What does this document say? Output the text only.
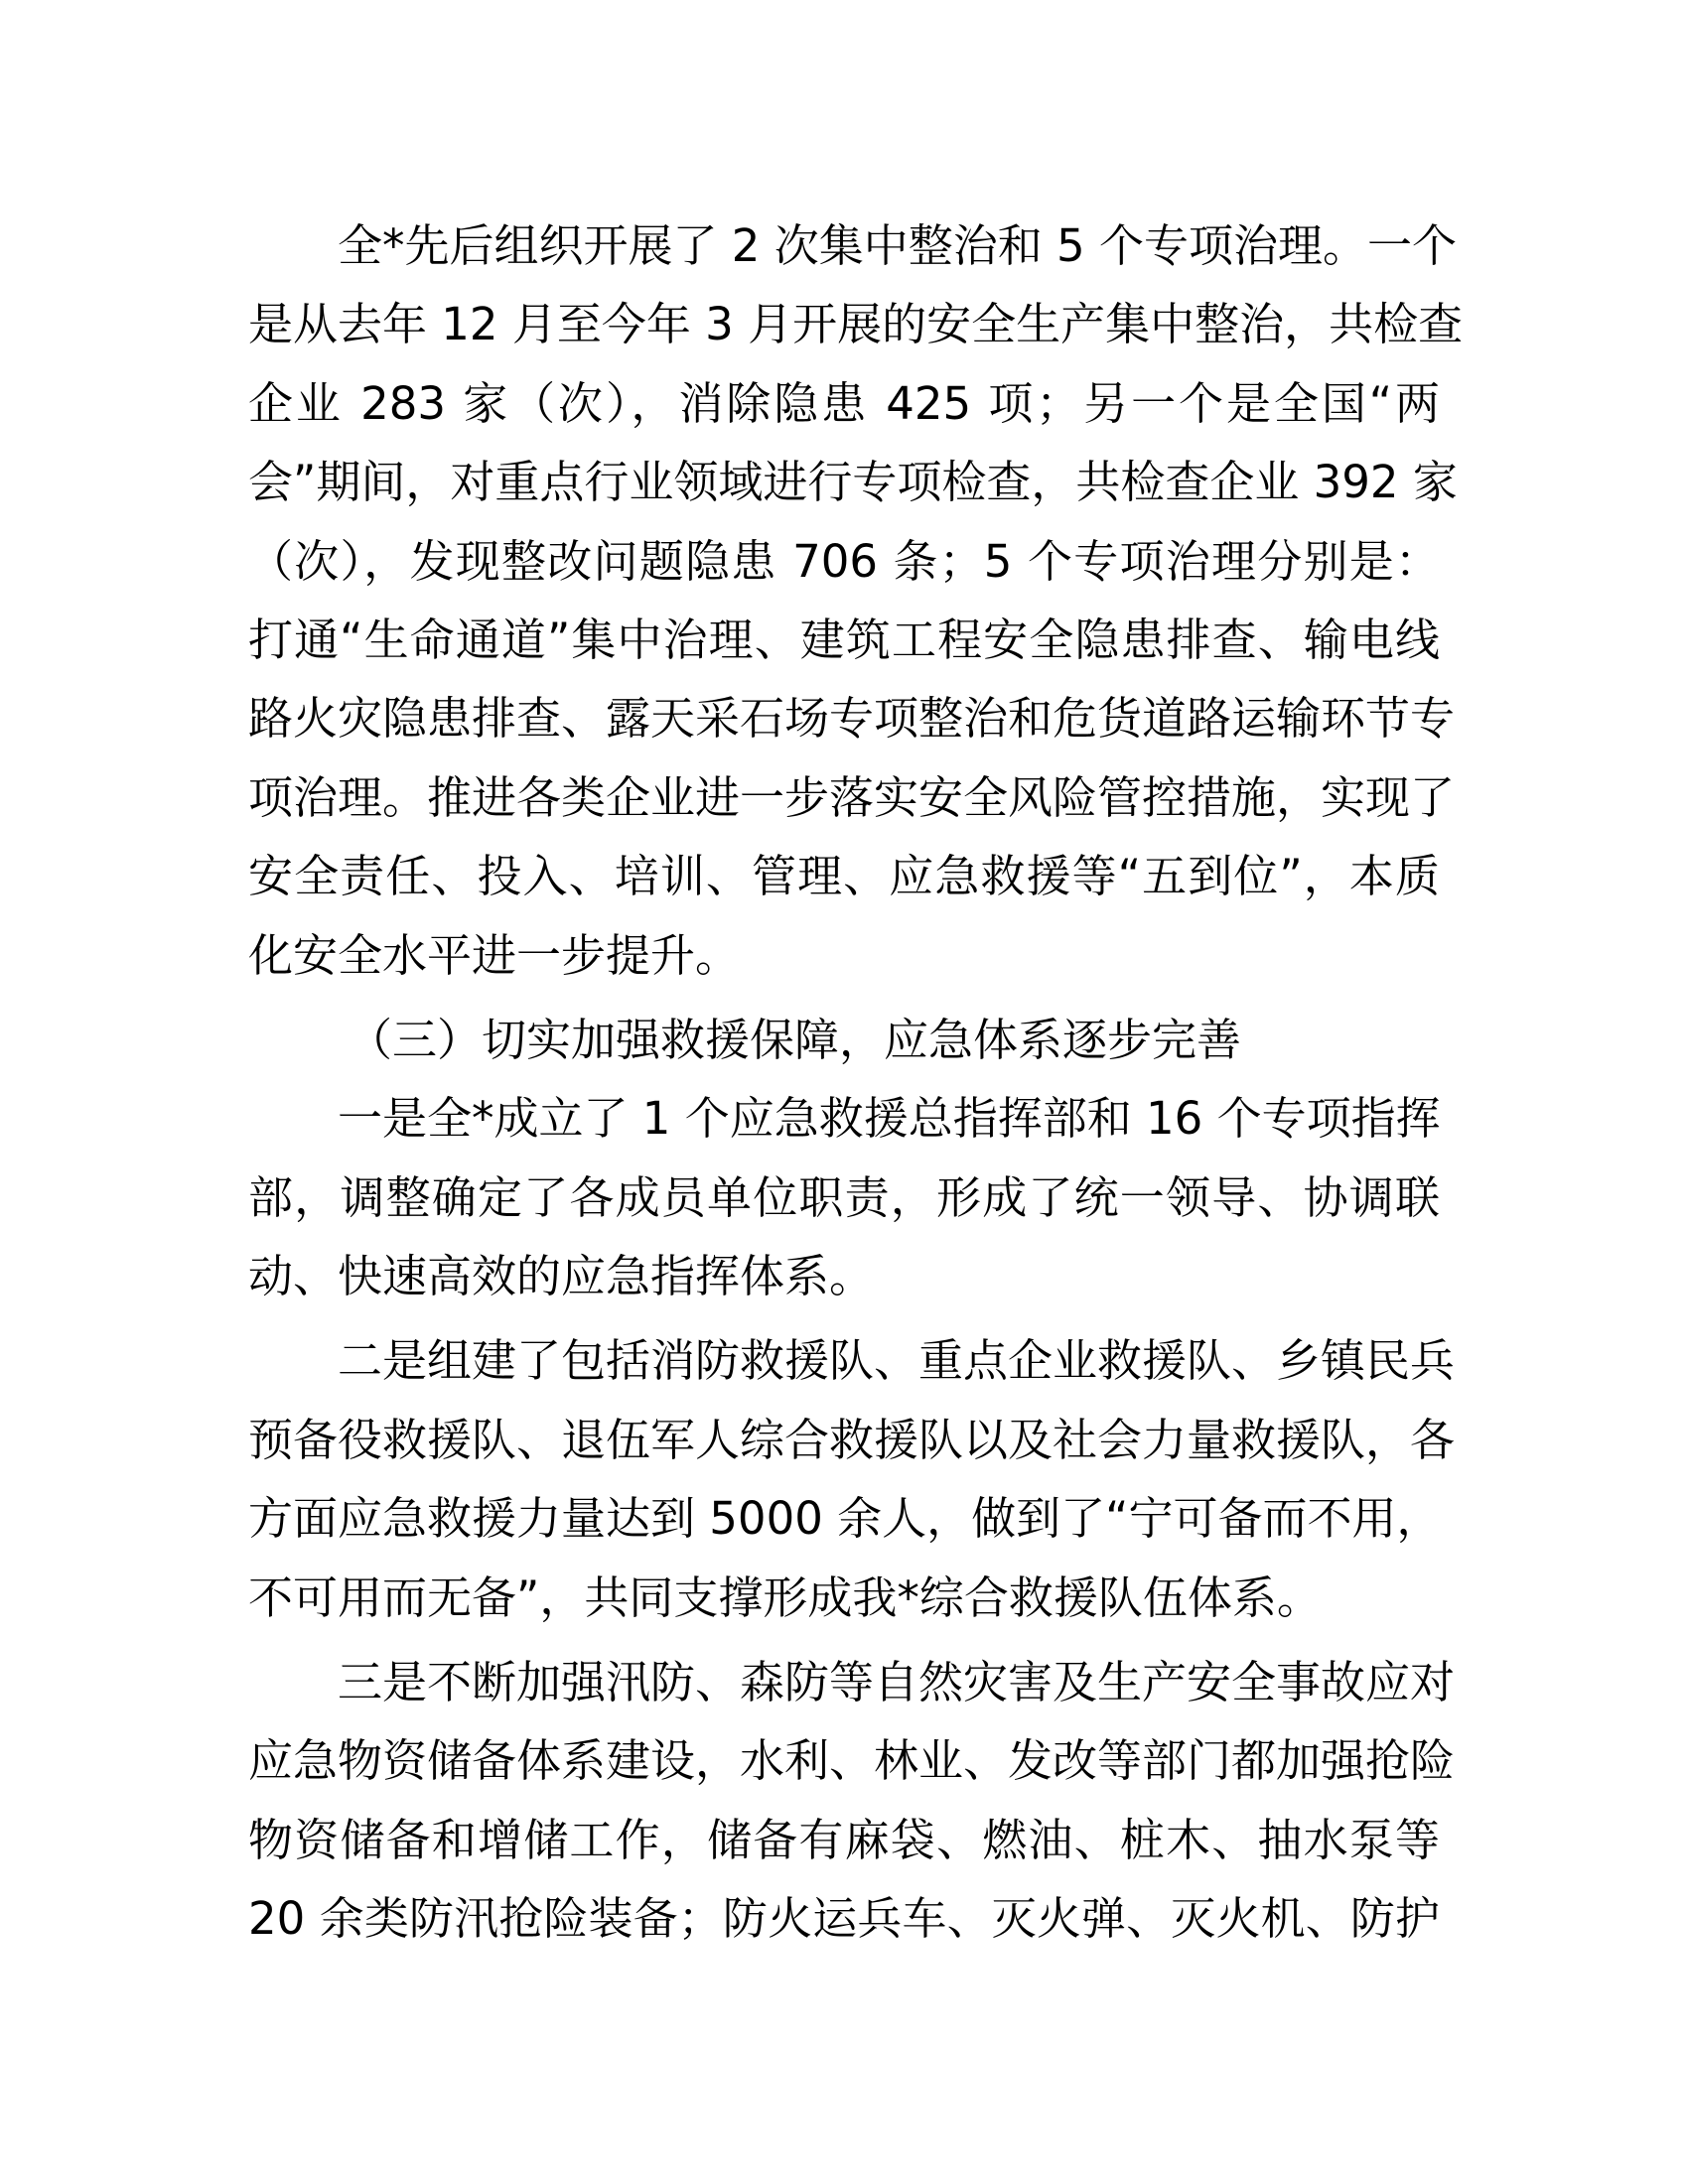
全*先后组织开展了 2 次集中整治和 5 个专项治理。一个

是从去年 12 月至今年 3 月开展的安全生产集中整治，共检查

企业 283 家（次），消除隐患 425 项；另一个是全国“两

会”期间，对重点行业领域进行专项检查，共检查企业 392 家

（次），发现整改问题隐患 706 条；5 个专项治理分别是：

打通“生命通道”集中治理、建筑工程安全隐患排查、输电线

路火灾隐患排查、露天采石场专项整治和危货道路运输环节专

项治理。推进各类企业进一步落实安全风险管控措施，实现了

安全责任、投入、培训、管理、应急救援等“五到位”，本质

化安全水平进一步提升。

（三）切实加强救援保障，应急体系逐步完善

一是全*成立了 1 个应急救援总指挥部和 16 个专项指挥

部，调整确定了各成员单位职责，形成了统一领导、协调联

动、快速高效的应急指挥体系。

二是组建了包括消防救援队、重点企业救援队、乡镇民兵

预备役救援队、退伍军人综合救援队以及社会力量救援队，各

方面应急救援力量达到 5000 余人，做到了“宁可备而不用，

不可用而无备”，共同支撑形成我*综合救援队伍体系。

三是不断加强汛防、森防等自然灾害及生产安全事故应对

应急物资储备体系建设，水利、林业、发改等部门都加强抢险

物资储备和增储工作，储备有麻袋、燃油、桩木、抽水泵等

20 余类防汛抢险装备；防火运兵车、灭火弹、灭火机、防护
